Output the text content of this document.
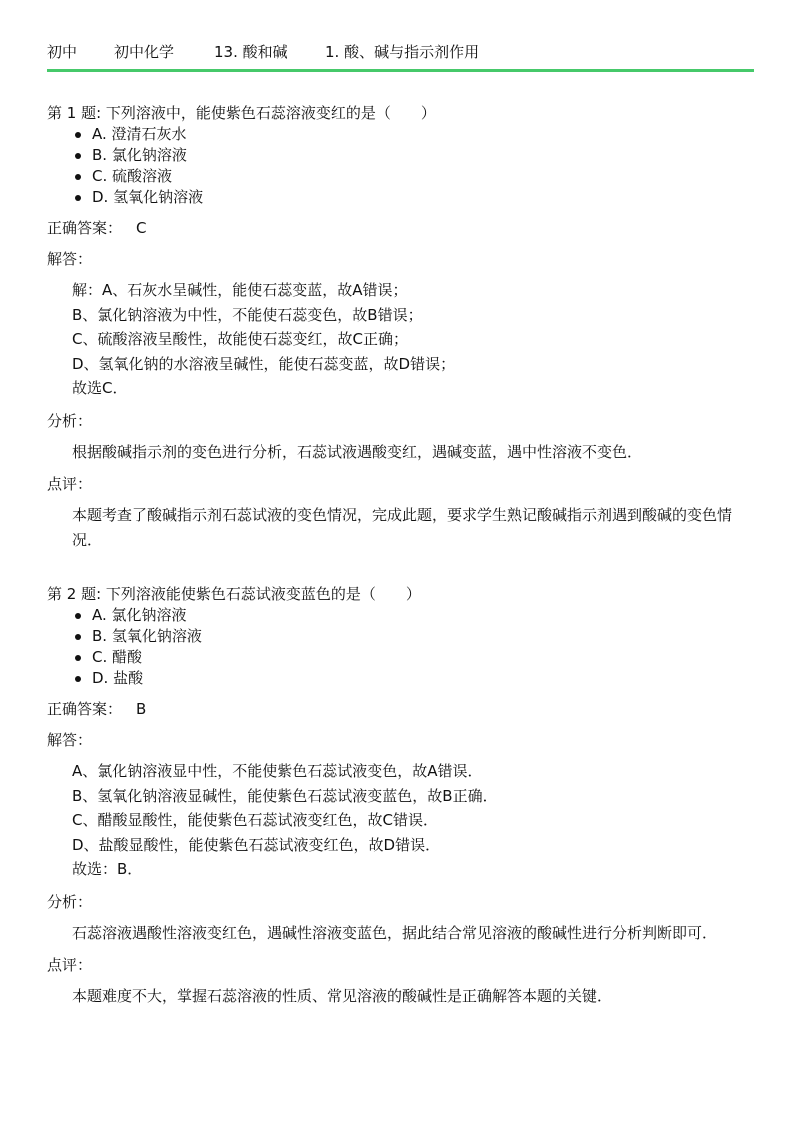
初中	初中化学	13. 酸和碱	1. 酸、碱与指示剂作用
第 1 题: 下列溶液中，能使紫色石蕊溶液变红的是（　　）
A. 澄清石灰水
B. 氯化钠溶液
C. 硫酸溶液
D. 氢氧化钠溶液
正确答案： C
解答：
解：A、石灰水呈碱性，能使石蕊变蓝，故A错误；
B、氯化钠溶液为中性，不能使石蕊变色，故B错误；
C、硫酸溶液呈酸性，故能使石蕊变红，故C正确；
D、氢氧化钠的水溶液呈碱性，能使石蕊变蓝，故D错误；
故选C．
分析：
根据酸碱指示剂的变色进行分析，石蕊试液遇酸变红，遇碱变蓝，遇中性溶液不变色．
点评：
本题考查了酸碱指示剂石蕊试液的变色情况，完成此题，要求学生熟记酸碱指示剂遇到酸碱的变色情况．
第 2 题: 下列溶液能使紫色石蕊试液变蓝色的是（　　）
A. 氯化钠溶液
B. 氢氧化钠溶液
C. 醋酸
D. 盐酸
正确答案： B
解答：
A、氯化钠溶液显中性，不能使紫色石蕊试液变色，故A错误．
B、氢氧化钠溶液显碱性，能使紫色石蕊试液变蓝色，故B正确．
C、醋酸显酸性，能使紫色石蕊试液变红色，故C错误．
D、盐酸显酸性，能使紫色石蕊试液变红色，故D错误．
故选：B．
分析：
石蕊溶液遇酸性溶液变红色，遇碱性溶液变蓝色，据此结合常见溶液的酸碱性进行分析判断即可．
点评：
本题难度不大，掌握石蕊溶液的性质、常见溶液的酸碱性是正确解答本题的关键．
